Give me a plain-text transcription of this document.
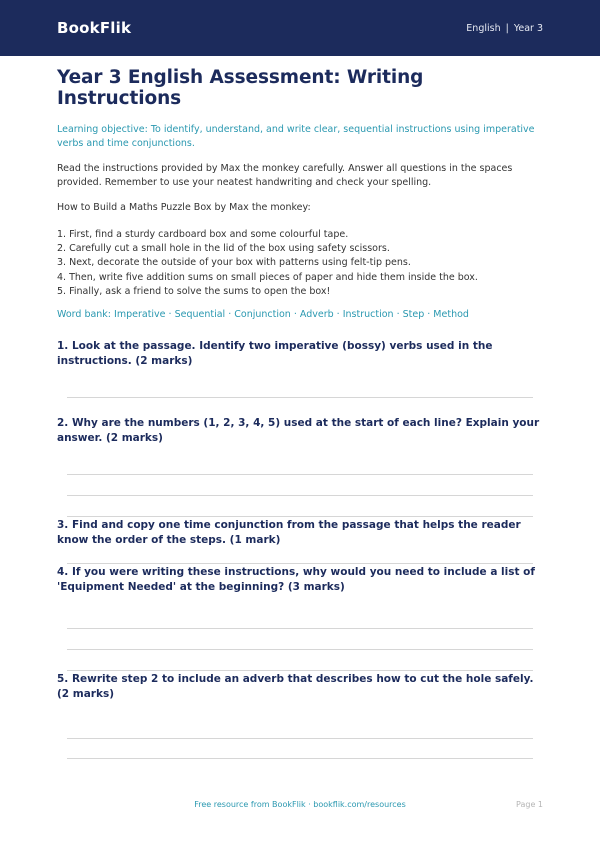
BookFlik	English | Year 3
Year 3 English Assessment: Writing Instructions

Learning objective: To identify, understand, and write clear, sequential instructions using imperative verbs and time conjunctions.

Read the instructions provided by Max the monkey carefully. Answer all questions in the spaces provided. Remember to use your neatest handwriting and check your spelling.

How to Build a Maths Puzzle Box by Max the monkey:

1. First, find a sturdy cardboard box and some colourful tape.
2. Carefully cut a small hole in the lid of the box using safety scissors.
3. Next, decorate the outside of your box with patterns using felt-tip pens.
4. Then, write five addition sums on small pieces of paper and hide them inside the box.
5. Finally, ask a friend to solve the sums to open the box!

Word bank: Imperative · Sequential · Conjunction · Adverb · Instruction · Step · Method

1. Look at the passage. Identify two imperative (bossy) verbs used in the instructions. (2 marks)

2. Why are the numbers (1, 2, 3, 4, 5) used at the start of each line? Explain your answer. (2 marks)

3. Find and copy one time conjunction from the passage that helps the reader know the order of the steps. (1 mark)

4. If you were writing these instructions, why would you need to include a list of 'Equipment Needed' at the beginning? (3 marks)

5. Rewrite step 2 to include an adverb that describes how to cut the hole safely. (2 marks)

Free resource from BookFlik · bookflik.com/resources	Page 1
